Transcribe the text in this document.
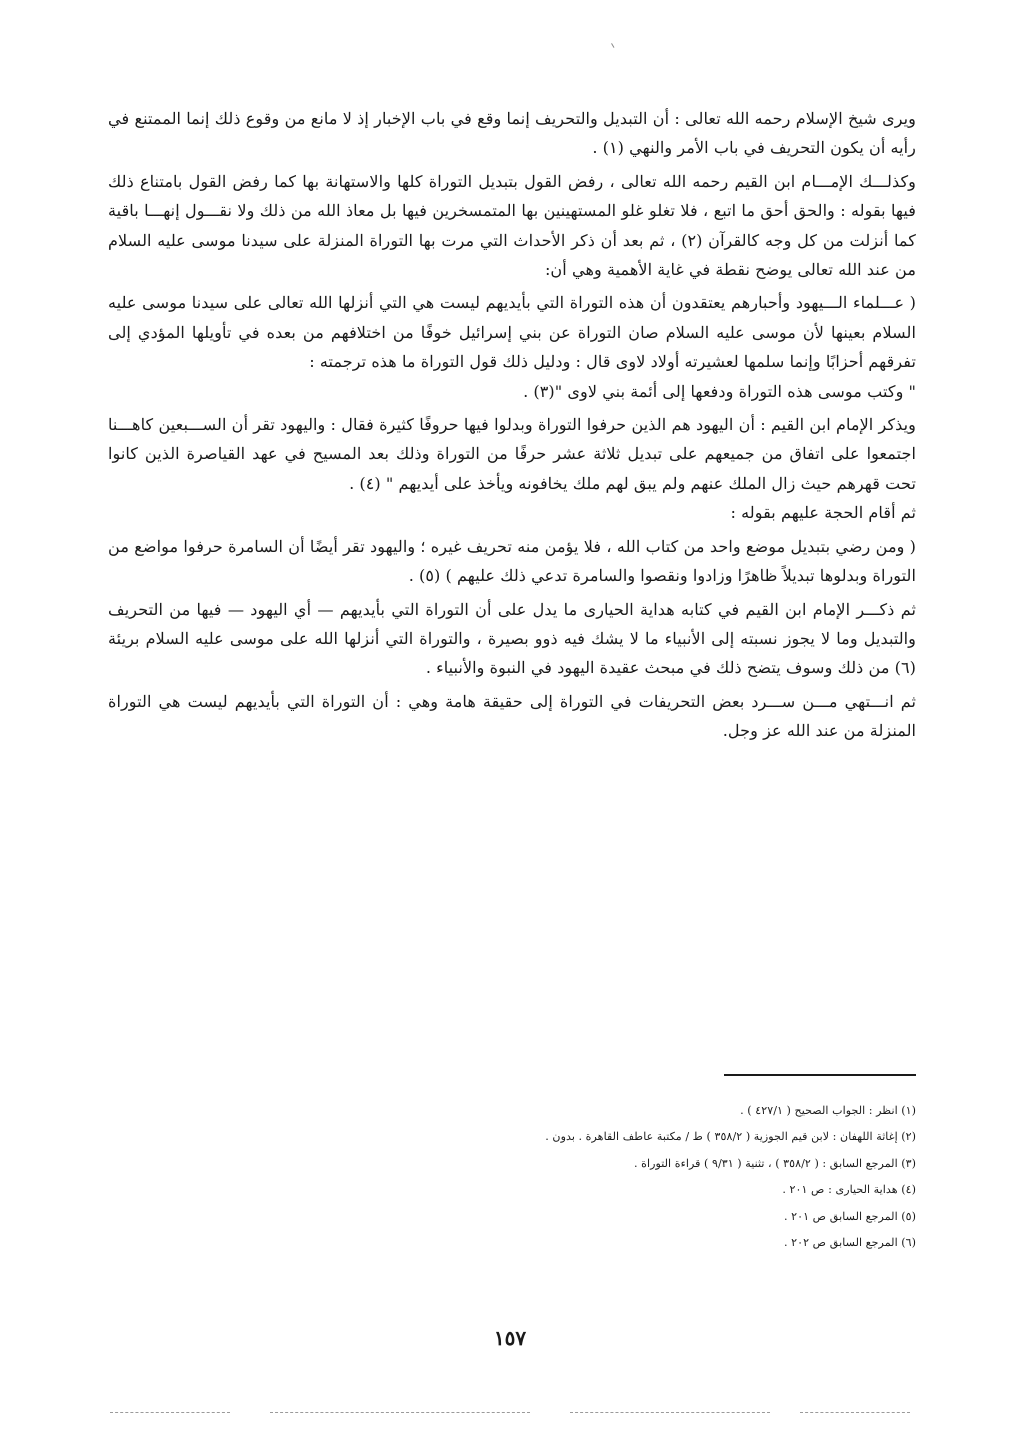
ويرى شيخ الإسلام رحمه الله تعالى : أن التبديل والتحريف إنما وقع في باب الإخبار إذ لا مانع من وقوع ذلك إنما الممتنع في رأيه أن يكون التحريف في باب الأمر والنهي (١) .

وكذلـــك الإمـــام ابن القيم رحمه الله تعالى ، رفض القول بتبديل التوراة كلها والاستهانة بها كما رفض القول بامتناع ذلك فيها بقوله : والحق أحق ما اتبع ، فلا تغلو غلو المستهينين بها المتمسخرين فيها بل معاذ الله من ذلك ولا نقـــول إنهـــا باقية كما أنزلت من كل وجه كالقرآن (٢) ، ثم بعد أن ذكر الأحداث التي مرت بها التوراة المنزلة على سيدنا موسى عليه السلام من عند الله تعالى يوضح نقطة في غاية الأهمية وهي أن:

( عـــلماء الـــيهود وأحبارهم يعتقدون أن هذه التوراة التي بأيديهم ليست هي التي أنزلها الله تعالى على سيدنا موسى عليه السلام بعينها لأن موسى عليه السلام صان التوراة عن بني إسرائيل خوفًا من اختلافهم من بعده في تأويلها المؤدي إلى تفرقهم أحزابًا وإنما سلمها لعشيرته أولاد لاوى قال : ودليل ذلك قول التوراة ما هذه ترجمته :

" وكتب موسى هذه التوراة ودفعها إلى أئمة بني لاوى "(٣) .

ويذكر الإمام ابن القيم : أن اليهود هم الذين حرفوا التوراة وبدلوا فيها حروفًا كثيرة فقال : واليهود تقر أن الســـبعين كاهـــنا اجتمعوا على اتفاق من جميعهم على تبديل ثلاثة عشر حرفًا من التوراة وذلك بعد المسيح في عهد القياصرة الذين كانوا تحت قهرهم حيث زال الملك عنهم ولم يبق لهم ملك يخافونه ويأخذ على أيديهم " (٤) .

ثم أقام الحجة عليهم بقوله :

( ومن رضي بتبديل موضع واحد من كتاب الله ، فلا يؤمن منه تحريف غيره ؛ واليهود تقر أيضًا أن السامرة حرفوا مواضع من التوراة وبدلوها تبديلاً ظاهرًا وزادوا ونقصوا والسامرة تدعي ذلك عليهم ) (٥) .

ثم ذكـــر الإمام ابن القيم في كتابه هداية الحيارى ما يدل على أن التوراة التي بأيديهم — أي اليهود — فيها من التحريف والتبديل وما لا يجوز نسبته إلى الأنبياء ما لا يشك فيه ذوو بصيرة ، والتوراة التي أنزلها الله على موسى عليه السلام بريئة (٦) من ذلك وسوف يتضح ذلك في مبحث عقيدة اليهود في النبوة والأنبياء .

ثم انـــتهي مـــن ســـرد بعض التحريفات في التوراة إلى حقيقة هامة وهي : أن التوراة التي بأيديهم ليست هي التوراة المنزلة من عند الله عز وجل.

(١) انظر : الجواب الصحيح ( ٤٢٧/١ ) .
(٢) إغاثة اللهفان : لابن قيم الجوزية ( ٣٥٨/٢ ) ط / مكتبة عاطف القاهرة . بدون .
(٣) المرجع السابق : ( ٣٥٨/٢ ) ، تثنية ( ٩/٣١ ) قراءة التوراة .
(٤) هداية الحيارى : ص ٢٠١ .
(٥) المرجع السابق ص ٢٠١ .
(٦) المرجع السابق ص ٢٠٢ .
١٥٧
